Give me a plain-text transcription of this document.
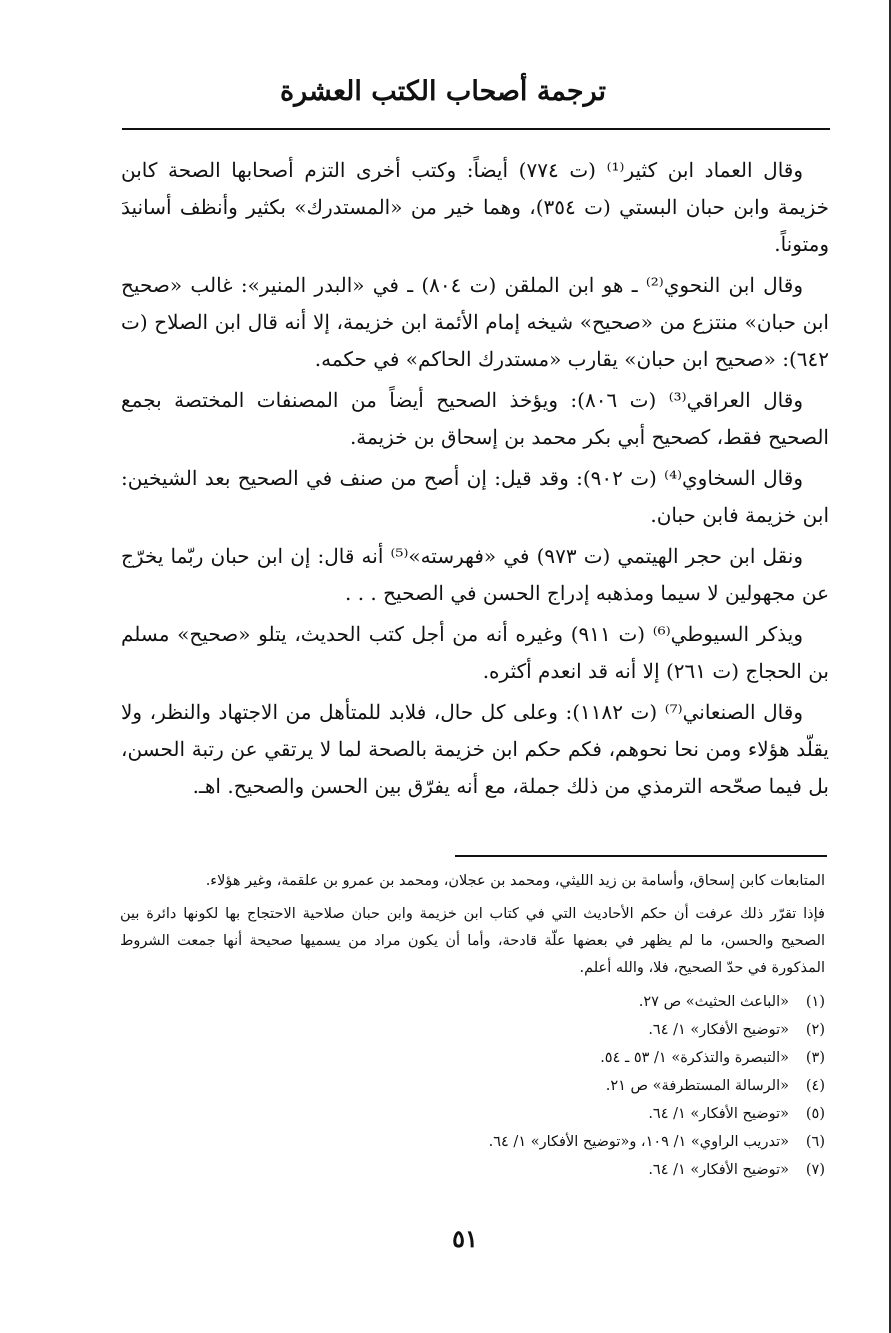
ترجمة أصحاب الكتب العشرة

وقال العماد ابن كثير⁽¹⁾ (ت ٧٧٤) أيضاً: وكتب أخرى التزم أصحابها الصحة كابن خزيمة وابن حبان البستي (ت ٣٥٤)، وهما خير من «المستدرك» بكثير وأنظف أسانيدَ ومتوناً.

وقال ابن النحوي⁽²⁾ ـ هو ابن الملقن (ت ٨٠٤) ـ في «البدر المنير»: غالب «صحيح ابن حبان» منتزع من «صحيح» شيخه إمام الأئمة ابن خزيمة، إلا أنه قال ابن الصلاح (ت ٦٤٢): «صحيح ابن حبان» يقارب «مستدرك الحاكم» في حكمه.

وقال العراقي⁽³⁾ (ت ٨٠٦): ويؤخذ الصحيح أيضاً من المصنفات المختصة بجمع الصحيح فقط، كصحيح أبي بكر محمد بن إسحاق بن خزيمة.

وقال السخاوي⁽⁴⁾ (ت ٩٠٢): وقد قيل: إن أصح من صنف في الصحيح بعد الشيخين: ابن خزيمة فابن حبان.

ونقل ابن حجر الهيتمي (ت ٩٧٣) في «فهرسته»⁽⁵⁾ أنه قال: إن ابن حبان ربّما يخرّج عن مجهولين لا سيما ومذهبه إدراج الحسن في الصحيح . . .

ويذكر السيوطي⁽⁶⁾ (ت ٩١١) وغيره أنه من أجل كتب الحديث، يتلو «صحيح» مسلم بن الحجاج (ت ٢٦١) إلا أنه قد انعدم أكثره.

وقال الصنعاني⁽⁷⁾ (ت ١١٨٢): وعلى كل حال، فلابد للمتأهل من الاجتهاد والنظر، ولا يقلّد هؤلاء ومن نحا نحوهم، فكم حكم ابن خزيمة بالصحة لما لا يرتقي عن رتبة الحسن، بل فيما صحّحه الترمذي من ذلك جملة، مع أنه يفرّق بين الحسن والصحيح. اهـ.

المتابعات كابن إسحاق، وأسامة بن زيد الليثي، ومحمد بن عجلان، ومحمد بن عمرو بن علقمة، وغير هؤلاء.

فإذا تقرّر ذلك عرفت أن حكم الأحاديث التي في كتاب ابن خزيمة وابن حبان صلاحية الاحتجاج بها لكونها دائرة بين الصحيح والحسن، ما لم يظهر في بعضها علّة قادحة، وأما أن يكون مراد من يسميها صحيحة أنها جمعت الشروط المذكورة في حدّ الصحيح، فلا، والله أعلم.

(١)
«الباعث الحثيث» ص ٢٧.
(٢)
«توضيح الأفكار» ١/ ٦٤.
(٣)
«التبصرة والتذكرة» ١/ ٥٣ ـ ٥٤.
(٤)
«الرسالة المستطرفة» ص ٢١.
(٥)
«توضيح الأفكار» ١/ ٦٤.
(٦)
«تدريب الراوي» ١/ ١٠٩، و«توضيح الأفكار» ١/ ٦٤.
(٧)
«توضيح الأفكار» ١/ ٦٤.
٥١
